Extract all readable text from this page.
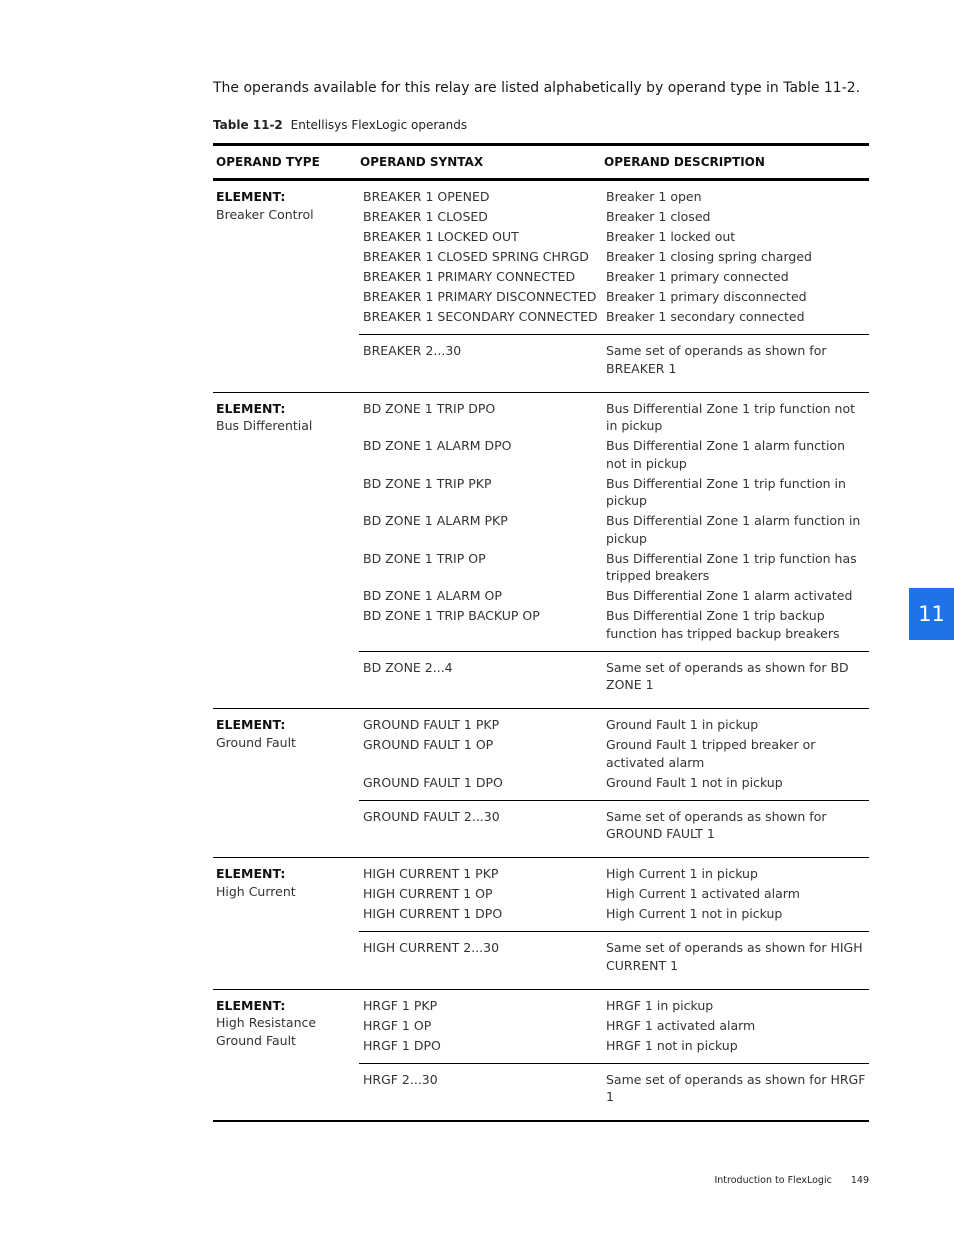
The operands available for this relay are listed alphabetically by operand type in Table 11-2.

Table 11-2 Entellisys FlexLogic operands
OPERAND TYPE	OPERAND SYNTAX	OPERAND DESCRIPTION
ELEMENT:
Breaker Control
BREAKER 1 OPENED	Breaker 1 open
BREAKER 1 CLOSED	Breaker 1 closed
BREAKER 1 LOCKED OUT	Breaker 1 locked out
BREAKER 1 CLOSED SPRING CHRGD	Breaker 1 closing spring charged
BREAKER 1 PRIMARY CONNECTED	Breaker 1 primary connected
BREAKER 1 PRIMARY DISCONNECTED Breaker 1 primary disconnected
BREAKER 1 SECONDARY CONNECTED Breaker 1 secondary connected
BREAKER 2...30	Same set of operands as shown for BREAKER 1
ELEMENT:
Bus Differential
BD ZONE 1 TRIP DPO	Bus Differential Zone 1 trip function not in pickup
BD ZONE 1 ALARM DPO	Bus Differential Zone 1 alarm function not in pickup
BD ZONE 1 TRIP PKP	Bus Differential Zone 1 trip function in pickup
BD ZONE 1 ALARM PKP	Bus Differential Zone 1 alarm function in pickup
BD ZONE 1 TRIP OP	Bus Differential Zone 1 trip function has tripped breakers
BD ZONE 1 ALARM OP	Bus Differential Zone 1 alarm activated
BD ZONE 1 TRIP BACKUP OP	Bus Differential Zone 1 trip backup function has tripped backup breakers
BD ZONE 2...4	Same set of operands as shown for BD ZONE 1
ELEMENT:
Ground Fault
GROUND FAULT 1 PKP	Ground Fault 1 in pickup
GROUND FAULT 1 OP	Ground Fault 1 tripped breaker or activated alarm
GROUND FAULT 1 DPO	Ground Fault 1 not in pickup
GROUND FAULT 2...30	Same set of operands as shown for GROUND FAULT 1
ELEMENT:
High Current
HIGH CURRENT 1 PKP	High Current 1 in pickup
HIGH CURRENT 1 OP	High Current 1 activated alarm
HIGH CURRENT 1 DPO	High Current 1 not in pickup
HIGH CURRENT 2...30	Same set of operands as shown for HIGH CURRENT 1
ELEMENT:
High Resistance Ground Fault
HRGF 1 PKP	HRGF 1 in pickup
HRGF 1 OP	HRGF 1 activated alarm
HRGF 1 DPO	HRGF 1 not in pickup
HRGF 2...30	Same set of operands as shown for HRGF 1
11
Introduction to FlexLogic 149
